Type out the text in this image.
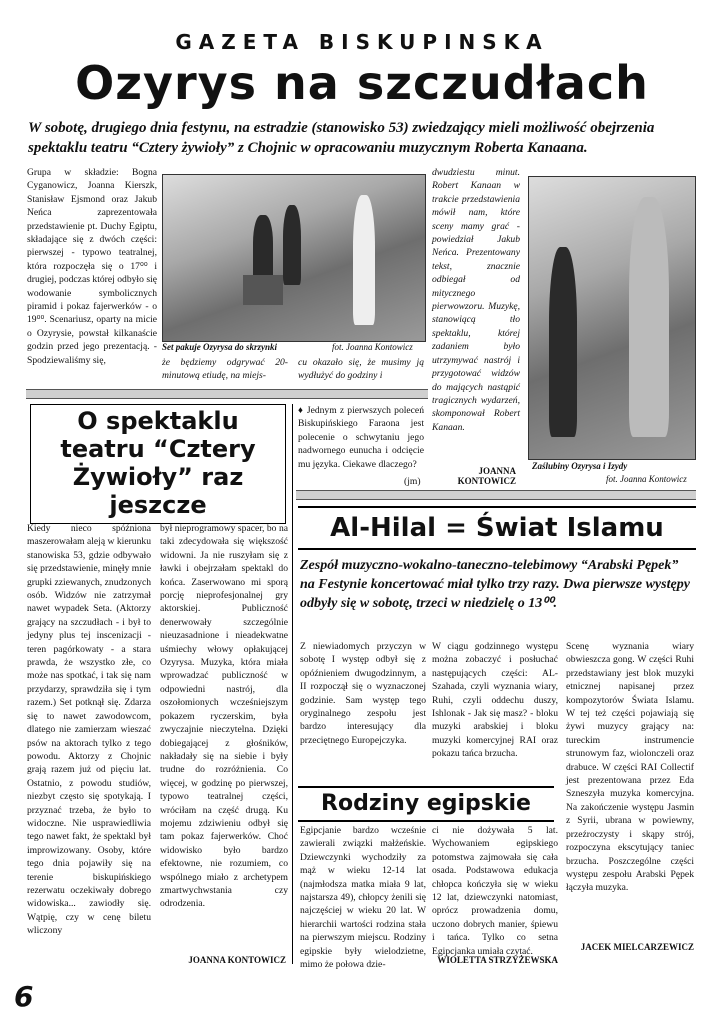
GAZETA BISKUPINSKA
Ozyrys na szczudłach
W sobotę, drugiego dnia festynu, na estradzie (stanowisko 53) zwiedzający mieli możliwość obejrzenia spektaklu teatru “Cztery żywioły” z Chojnic w opracowaniu muzycznym Roberta Kanaana.
Grupa w składzie: Bogna Cyganowicz, Joanna Kierszk, Stanisław Ejsmond oraz Jakub Neńca zaprezentowała przedstawienie pt. Duchy Egiptu, składające się z dwóch części: pierwszej - typowo teatralnej, która rozpoczęła się o 17⁰⁰ i drugiej, podczas której odbyło się wodowanie symbolicznych piramid i pokaz fajerwerków - o 19⁰⁰. Scenariusz, oparty na micie o Ozyrysie, powstał kilkanaście godzin przed jego prezentacją. - Spodziewaliśmy się,
Set pakuje Ozyrysa do skrzynki	fot. Joanna Kontowicz
że będziemy odgrywać 20-minutową etiudę, na miejs-
cu okazało się, że musimy ją wydłużyć do godziny i
dwudziestu minut. Robert Kanaan w trakcie przedstawienia mówił nam, które sceny mamy grać - powiedział Jakub Neńca. Prezentowany tekst, znacznie odbiegał od mitycznego pierwowzoru. Muzykę, stanowiącą tło spektaklu, której zadaniem było utrzymywać nastrój i przygotować widzów do mających nastąpić tragicznych wydarzeń, skomponował Robert Kanaan.
JOANNA KONTOWICZ
Zaślubiny Ozyrysa i Izydy
fot. Joanna Kontowicz
♦ Jednym z pierwszych poleceń Biskupińskiego Faraona jest polecenie o schwytaniu jego nadwornego eunucha i odcięcie mu języka. Ciekawe dlaczego?
(jm)
O spektaklu teatru “Cztery Żywioły” raz jeszcze
Kiedy nieco spóźniona maszerowałam aleją w kierunku stanowiska 53, gdzie odbywało się przedstawienie, minęły mnie grupki zziewanych, znudzonych osób. Widzów nie zatrzymał nawet wypadek Seta. (Aktorzy grający na szczudłach - i był to jedyny plus tej inscenizacji - teren pagórkowaty - a stara prawda, że wszystko złe, co może nas spotkać, i tak się nam przydarzy, sprawdziła się i tym razem.) Set potknął się. Zdarza się to nawet zawodowcom, dlatego nie zamierzam wieszać psów na aktorach tylko z tego powodu. Aktorzy z Chojnic grają razem już od pięciu lat. Ostatnio, z powodu studiów, niezbyt często się spotykają. I przyznać trzeba, że było to widoczne. Nie usprawiedliwia tego nawet fakt, że spektakl był improwizowany. Osoby, które tego dnia pojawiły się na terenie biskupińskiego rezerwatu oczekiwały dobrego widowiska... zawiodły się. Wątpię, czy w cenę biletu wliczony
był nieprogramowy spacer, bo na taki zdecydowała się większość widowni. Ja nie ruszyłam się z ławki i obejrzałam spektakl do końca. Zaserwowano mi sporą porcję nieprofesjonalnej gry aktorskiej. Publiczność denerwowały szczególnie nieuzasadnione i nieadekwatne uśmiechy włowy opłakującej Ozyrysa. Muzyka, która miała wprowadzać publiczność w odpowiedni nastrój, dla oszołomionych wcześniejszym pokazem ryczerskim, była zwyczajnie nieczytelna. Dzięki dobiegającej z głośników, nakładały się na siebie i były trudne do rozróżnienia. Co więcej, w godzinę po pierwszej, typowo teatralnej części, wróciłam na część drugą. Ku mojemu zdziwieniu odbył się tam pokaz fajerwerków. Choć widowisko było bardzo efektowne, nie rozumiem, co wspólnego miało z archetypem zmartwychwstania czy odrodzenia.
JOANNA KONTOWICZ
Al-Hilal = Świat Islamu
Zespół muzyczno-wokalno-taneczno-telebimowy “Arabski Pępek” na Festynie koncertować miał tylko trzy razy. Dwa pierwsze występy odbyły się w sobotę, trzeci w niedzielę o 13⁰⁰.
Z niewiadomych przyczyn w sobotę I występ odbył się z opóźnieniem dwugodzinnym, a II rozpoczął się o wyznaczonej godzinie. Sam występ tego oryginalnego zespołu jest bardzo interesujący dla przeciętnego Europejczyka.
W ciągu godzinnego występu można zobaczyć i posłuchać następujących części: AL-Szahada, czyli wyznania wiary, Ruhi, czyli oddechu duszy, Ishlonak - Jak się masz? - bloku muzyki arabskiej i bloku muzyki komercyjnej RAI oraz pokazu tańca brzucha.
Scenę wyznania wiary obwieszcza gong. W części Ruhi przedstawiany jest blok muzyki etnicznej napisanej przez kompozytorów Świata Islamu. W tej też części pojawiają się żywi muzycy grający na: tureckim instrumencie strunowym faz, wiolonczeli oraz drabuce. W części RAI Collectif jest prezentowana przez Eda Szneszyła muzyka komercyjna. Na zakończenie występu Jasmin z Syrii, ubrana w powiewny, przeźroczysty i skąpy strój, rozpoczyna ekscytujący taniec brzucha. Poszczególne części występu zespołu Arabski Pępek łączyła muzyka.
JACEK MIELCARZEWICZ
Rodziny egipskie
Egipcjanie bardzo wcześnie zawierali związki małżeńskie. Dziewczynki wychodziły za mąż w wieku 12-14 lat (najmłodsza matka miała 9 lat, najstarsza 49), chłopcy żenili się najczęściej w wieku 20 lat. W hierarchii wartości rodzina stała na pierwszym miejscu. Rodziny egipskie były wielodzietne, mimo że połowa dzie-
ci nie dożywała 5 lat. Wychowaniem egipskiego potomstwa zajmowała się cała osada. Podstawowa edukacja chłopca kończyła się w wieku 12 lat, dziewczynki natomiast, oprócz prowadzenia domu, uczono dobrych manier, śpiewu i tańca. Tylko co setna Egipcjanka umiała czytać.
WIOLETTA STRZYŻEWSKA
6
